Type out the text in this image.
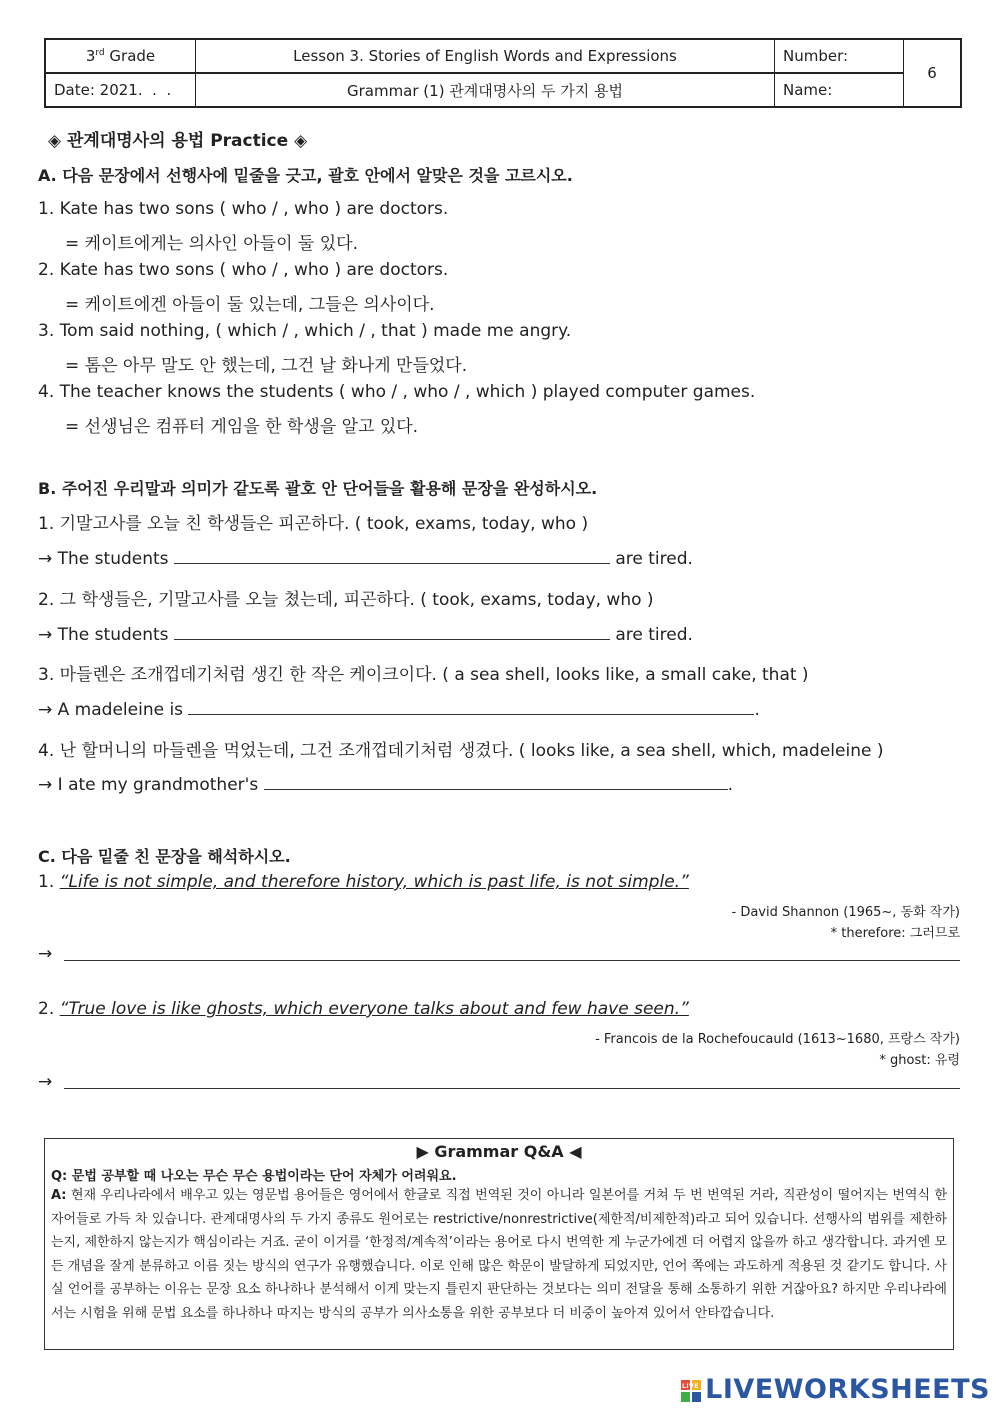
3rd Grade	Lesson 3. Stories of English Words and Expressions	Number:	6
Date: 2021.  .  .	Grammar (1) 관계대명사의 두 가지 용법	Name:	
◈ 관계대명사의 용법 Practice ◈
A. 다음 문장에서 선행사에 밑줄을 긋고, 괄호 안에서 알맞은 것을 고르시오.
1. Kate has two sons ( who / , who ) are doctors.
= 케이트에게는 의사인 아들이 둘 있다.
2. Kate has two sons ( who / , who ) are doctors.
= 케이트에겐 아들이 둘 있는데, 그들은 의사이다.
3. Tom said nothing, ( which / , which / , that ) made me angry.
= 톰은 아무 말도 안 했는데, 그건 날 화나게 만들었다.
4. The teacher knows the students ( who / , who / , which ) played computer games.
= 선생님은 컴퓨터 게임을 한 학생을 알고 있다.
B. 주어진 우리말과 의미가 같도록 괄호 안 단어들을 활용해 문장을 완성하시오.
1. 기말고사를 오늘 친 학생들은 피곤하다. ( took, exams, today, who )
→ The students	are tired.
2. 그 학생들은, 기말고사를 오늘 쳤는데, 피곤하다. ( took, exams, today, who )
→ The students	are tired.
3. 마들렌은 조개껍데기처럼 생긴 한 작은 케이크이다. ( a sea shell, looks like, a small cake, that )
→ A madeleine is	.
4. 난 할머니의 마들렌을 먹었는데, 그건 조개껍데기처럼 생겼다. ( looks like, a sea shell, which, madeleine )
→ I ate my grandmother's	.
C. 다음 밑줄 친 문장을 해석하시오.
1. “Life is not simple, and therefore history, which is past life, is not simple.”
- David Shannon (1965~, 동화 작가)
* therefore: 그러므로
→
2. “True love is like ghosts, which everyone talks about and few have seen.”
- Francois de la Rochefoucauld (1613~1680, 프랑스 작가)
* ghost: 유령
→
▶ Grammar Q&A ◀
Q: 문법 공부할 때 나오는 무슨 무슨 용법이라는 단어 자체가 어려워요.
A: 현재 우리나라에서 배우고 있는 영문법 용어들은 영어에서 한글로 직접 번역된 것이 아니라 일본어를 거쳐 두 번 번역된 거라, 직관성이 떨어지는 번역식 한자어들로 가득 차 있습니다. 관계대명사의 두 가지 종류도 원어로는 restrictive/nonrestrictive(제한적/비제한적)라고 되어 있습니다. 선행사의 범위를 제한하는지, 제한하지 않는지가 핵심이라는 거죠. 굳이 이거를 ‘한정적/계속적’이라는 용어로 다시 번역한 게 누군가에겐 더 어렵지 않을까 하고 생각합니다. 과거엔 모든 개념을 잘게 분류하고 이름 짓는 방식의 연구가 유행했습니다. 이로 인해 많은 학문이 발달하게 되었지만, 언어 쪽에는 과도하게 적용된 것 같기도 합니다. 사실 언어를 공부하는 이유는 문장 요소 하나하나 분석해서 이게 맞는지 틀린지 판단하는 것보다는 의미 전달을 통해 소통하기 위한 거잖아요? 하지만 우리나라에서는 시험을 위해 문법 요소를 하나하나 따지는 방식의 공부가 의사소통을 위한 공부보다 더 비중이 높아져 있어서 안타깝습니다.
LIVE LIVEWORKSHEETS
